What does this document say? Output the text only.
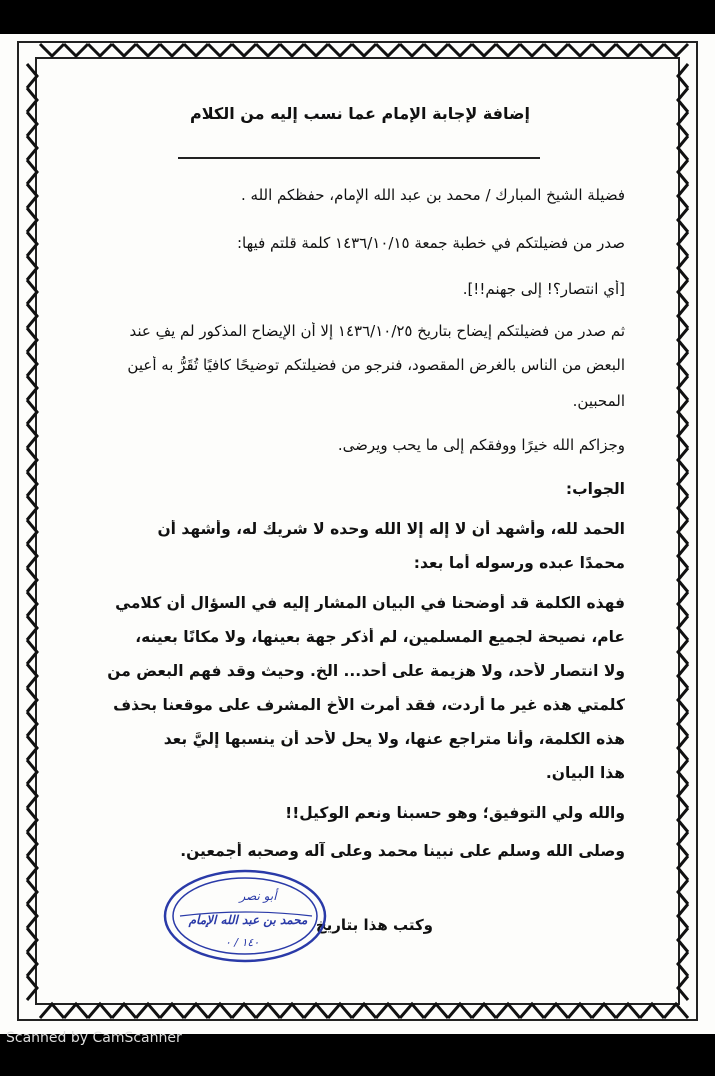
إضافة لإجابة الإمام عما نسب إليه من الكلام
فضيلة الشيخ المبارك / محمد بن عبد الله الإمام، حفظكم الله .
صدر من فضيلتكم في خطبة جمعة ١٤٣٦/١٠/١٥ كلمة قلتم فيها:
[أي انتصار؟! إلى جهنم!!].
ثم صدر من فضيلتكم إيضاح بتاريخ ١٤٣٦/١٠/٢٥ إلا أن الإيضاح المذكور لم يفِ عند
البعض من الناس بالغرض المقصود، فنرجو من فضيلتكم توضيحًا كافيًا تُقَرُّ به أعين
المحبين.
وجزاكم الله خيرًا ووفقكم إلى ما يحب ويرضى.
الجواب:
الحمد لله، وأشهد أن لا إله إلا الله وحده لا شريك له، وأشهد أن
محمدًا عبده ورسوله أما بعد:
فهذه الكلمة قد أوضحنا في البيان المشار إليه في السؤال أن كلامي
عام، نصيحة لجميع المسلمين، لم أذكر جهة بعينها، ولا مكانًا بعينه،
ولا انتصار لأحد، ولا هزيمة على أحد... الخ. وحيث وقد فهم البعض من
كلمتي هذه غير ما أردت، فقد أمرت الأخ المشرف على موقعنا بحذف
هذه الكلمة، وأنا متراجع عنها، ولا يحل لأحد أن ينسبها إليَّ بعد
هذا البيان.
والله ولي التوفيق؛ وهو حسبنا ونعم الوكيل!!
وصلى الله وسلم على نبينا محمد وعلى آله وصحبه أجمعين.
وكتب هذا بتاريخ
أبو نصر
محمد بن عبد الله الإمام
١٤٠ / ٠
Scanned by CamScanner
